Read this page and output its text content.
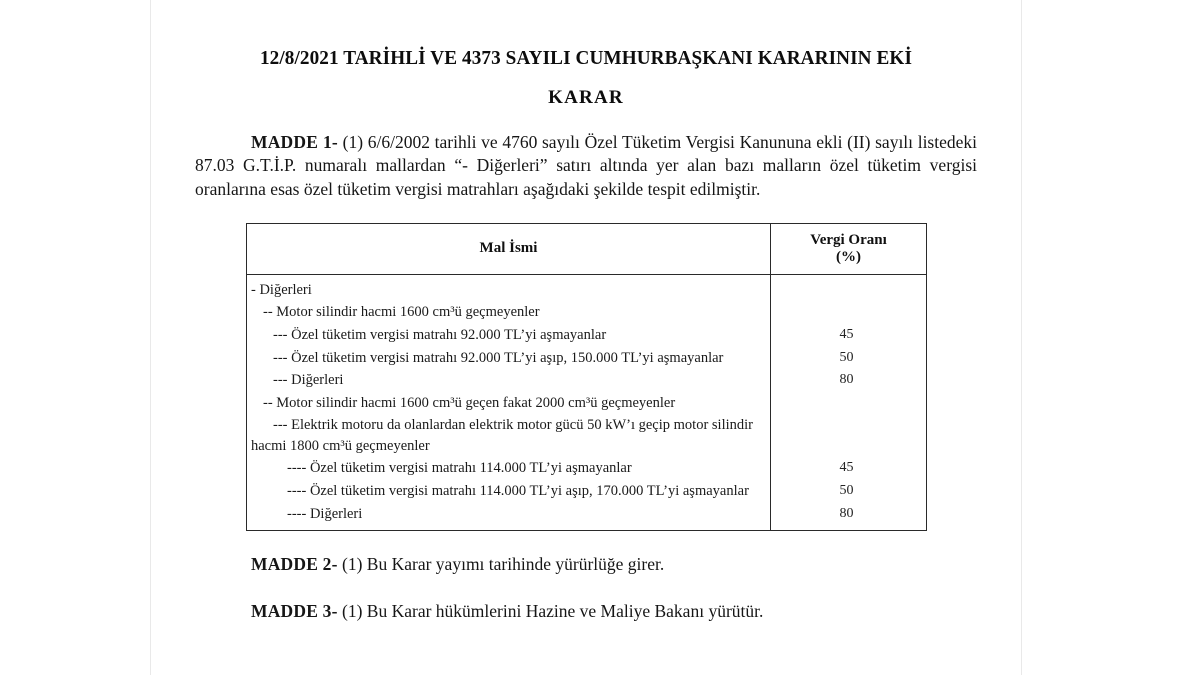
12/8/2021 TARİHLİ VE 4373 SAYILI CUMHURBAŞKANI KARARININ EKİ
KARAR

MADDE 1- (1) 6/6/2002 tarihli ve 4760 sayılı Özel Tüketim Vergisi Kanununa ekli (II) sayılı listedeki 87.03 G.T.İ.P. numaralı mallardan “- Diğerleri” satırı altında yer alan bazı malların özel tüketim vergisi oranlarına esas özel tüketim vergisi matrahları aşağıdaki şekilde tespit edilmiştir.

Mal İsmi	Vergi Oranı
(%)

- Diğerleri	

-- Motor silindir hacmi 1600 cm³ü geçmeyenler	

--- Özel tüketim vergisi matrahı 92.000 TL’yi aşmayanlar	45

--- Özel tüketim vergisi matrahı 92.000 TL’yi aşıp, 150.000 TL’yi aşmayanlar	50

--- Diğerleri	80

-- Motor silindir hacmi 1600 cm³ü geçen fakat 2000 cm³ü geçmeyenler	

--- Elektrik motoru da olanlardan elektrik motor gücü 50 kW’ı geçip motor silindir hacmi 1800 cm³ü geçmeyenler	

---- Özel tüketim vergisi matrahı 114.000 TL’yi aşmayanlar	45

---- Özel tüketim vergisi matrahı 114.000 TL’yi aşıp, 170.000 TL’yi aşmayanlar	50

---- Diğerleri	80

MADDE 2- (1) Bu Karar yayımı tarihinde yürürlüğe girer.

MADDE 3- (1) Bu Karar hükümlerini Hazine ve Maliye Bakanı yürütür.
